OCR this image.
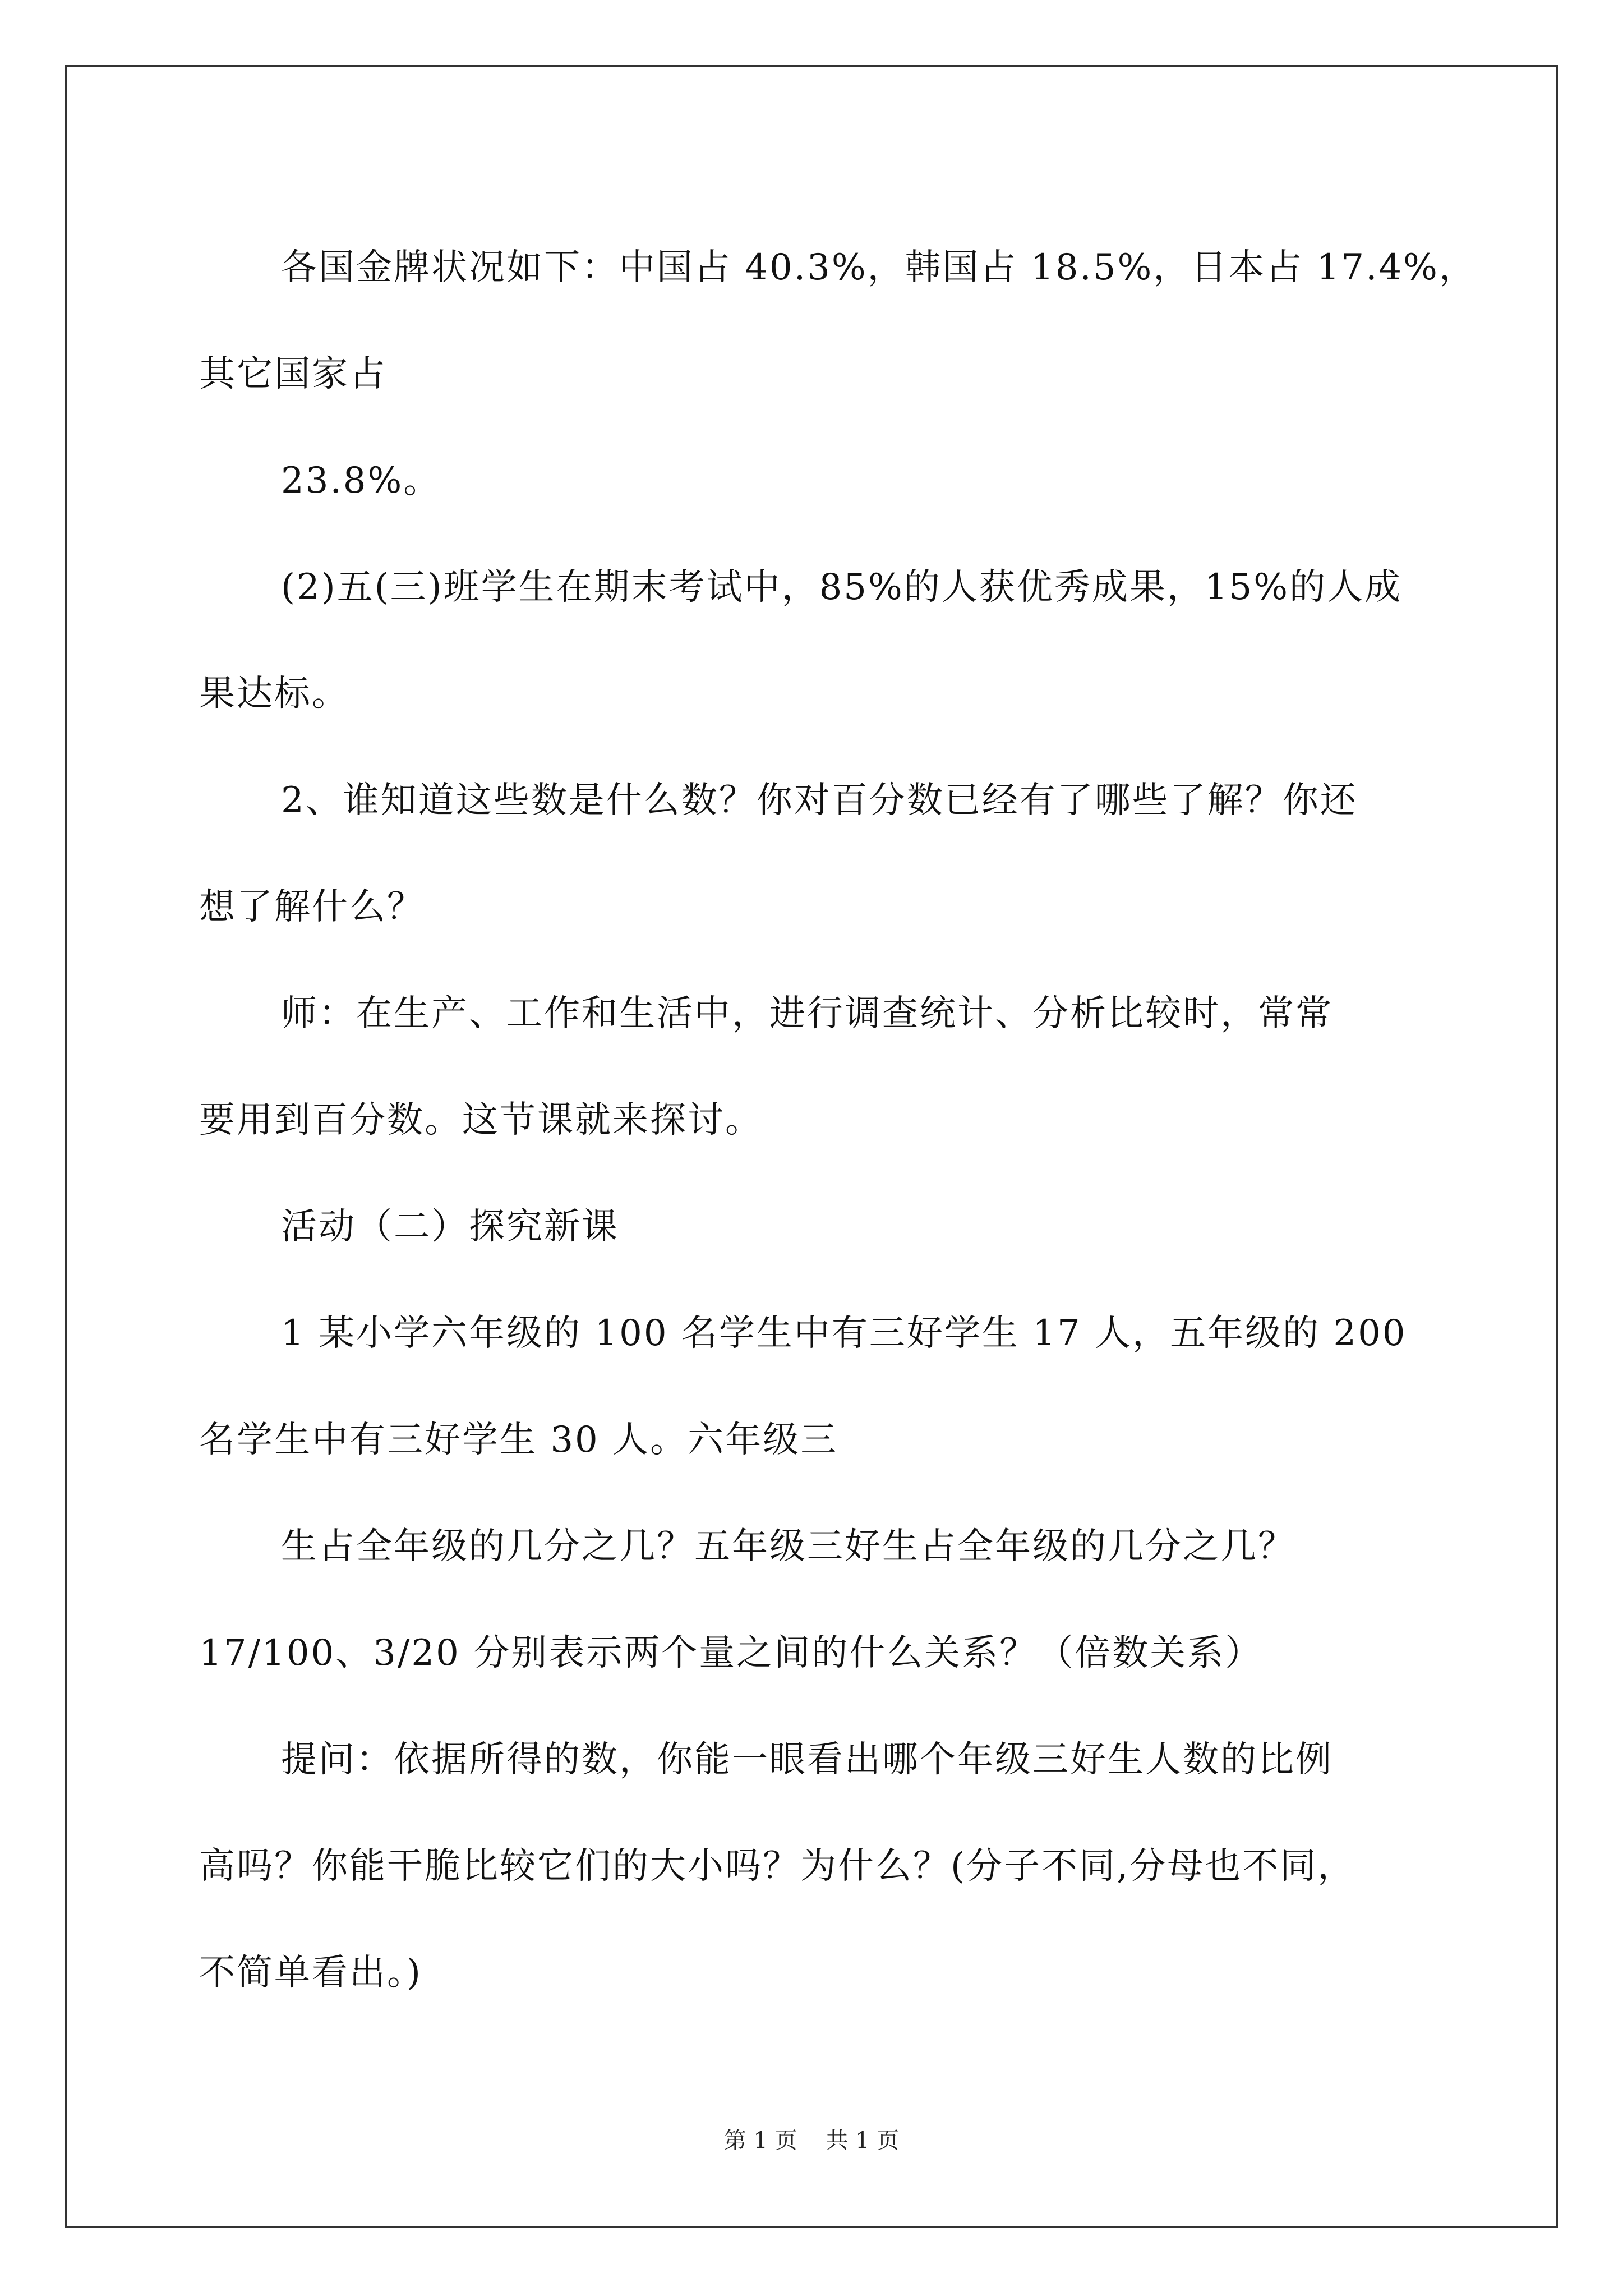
各国金牌状况如下：中国占 40.3%，韩国占 18.5%，日本占 17.4%，
其它国家占
23.8%。
(2)五(三)班学生在期末考试中，85%的人获优秀成果，15%的人成
果达标。
2、谁知道这些数是什么数？你对百分数已经有了哪些了解？你还
想了解什么？
师：在生产、工作和生活中，进行调查统计、分析比较时，常常
要用到百分数。这节课就来探讨。
活动（二）探究新课
1 某小学六年级的 100 名学生中有三好学生 17 人，五年级的 200
名学生中有三好学生 30 人。六年级三
生占全年级的几分之几？五年级三好生占全年级的几分之几？
17/100、3/20 分别表示两个量之间的什么关系？（倍数关系）
提问：依据所得的数，你能一眼看出哪个年级三好生人数的比例
高吗？你能干脆比较它们的大小吗？为什么？(分子不同,分母也不同，
不简单看出。)
第 1 页    共 1 页
